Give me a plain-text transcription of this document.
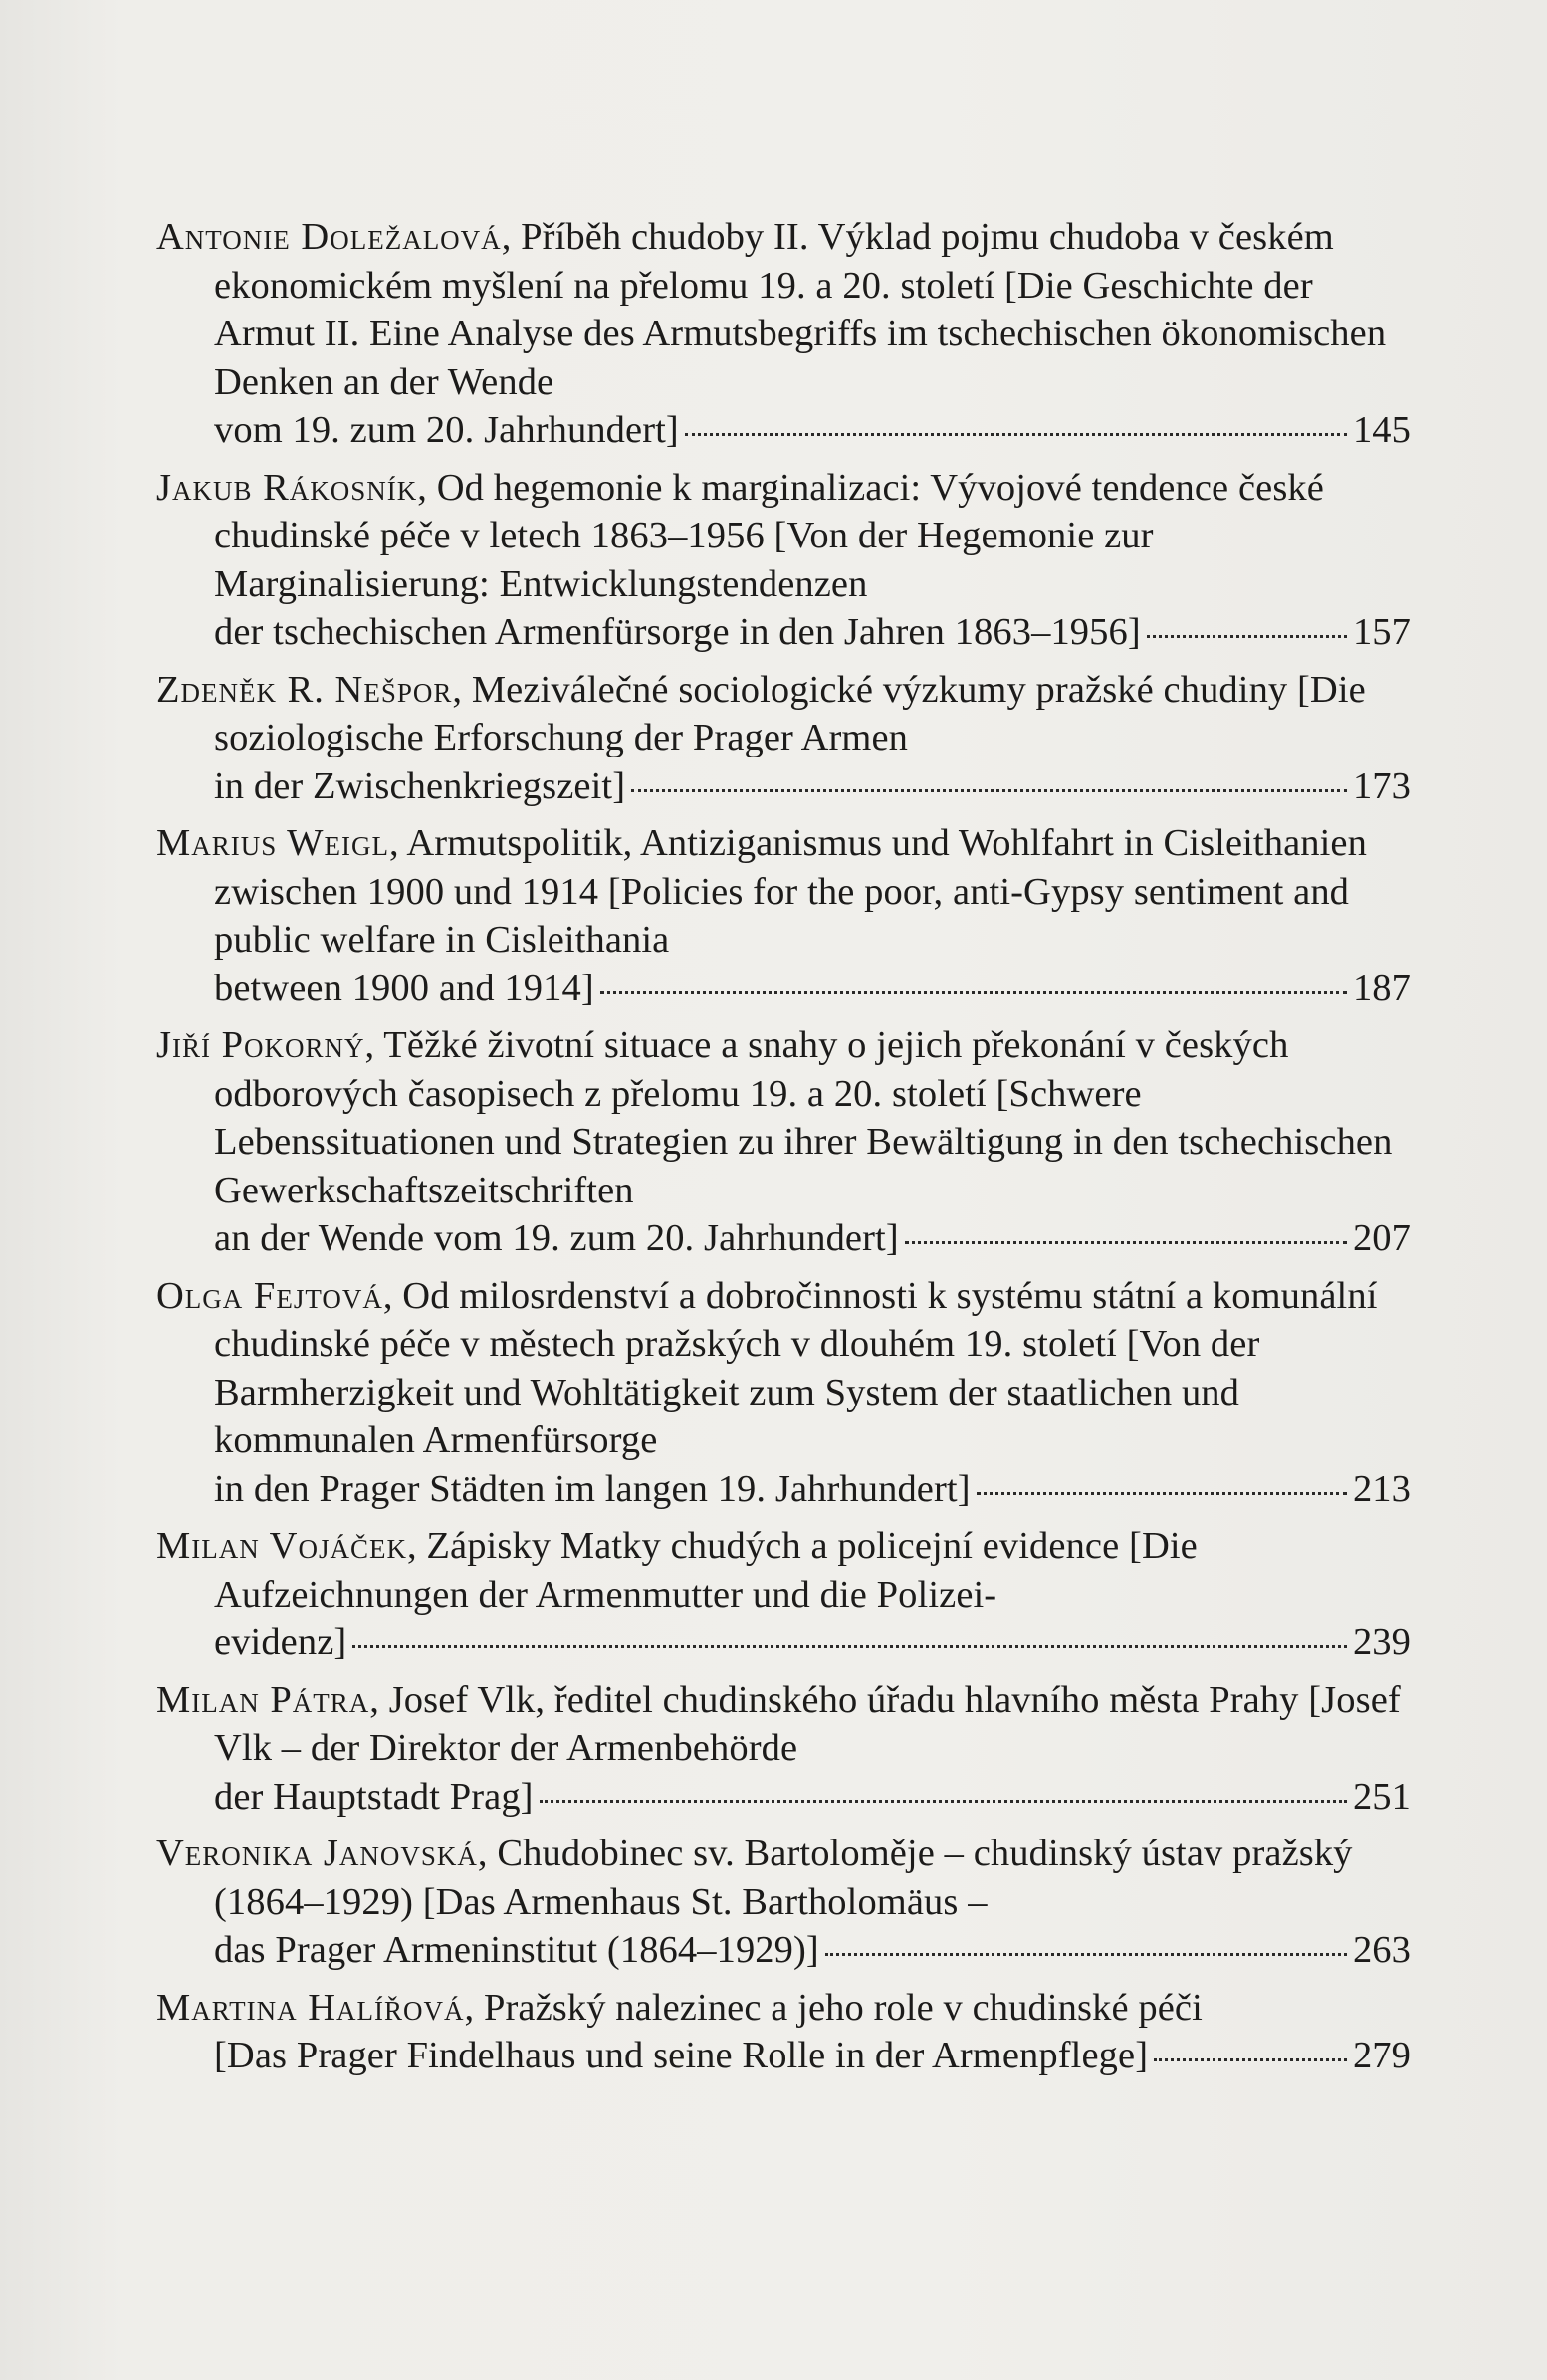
Antonie Doležalová, Příběh chudoby II. Výklad pojmu chudoba v českém ekonomickém myšlení na přelomu 19. a 20. století [Die Geschichte der Armut II. Eine Analyse des Armutsbegriffs im tschechischen ökonomischen Denken an der Wende
vom 19. zum 20. Jahrhundert]	145
Jakub Rákosník, Od hegemonie k marginalizaci: Vývojové tendence české chudinské péče v letech 1863–1956 [Von der Hegemonie zur Marginalisierung: Entwicklungstendenzen
der tschechischen Armenfürsorge in den Jahren 1863–1956]	157
Zdeněk R. Nešpor, Meziválečné sociologické výzkumy pražské chudiny [Die soziologische Erforschung der Prager Armen
in der Zwischenkriegszeit]	173
Marius Weigl, Armutspolitik, Antiziganismus und Wohlfahrt in Cisleithanien zwischen 1900 und 1914 [Policies for the poor, anti-Gypsy sentiment and public welfare in Cisleithania
between 1900 and 1914]	187
Jiří Pokorný, Těžké životní situace a snahy o jejich překonání v českých odborových časopisech z přelomu 19. a 20. století [Schwere Lebenssituationen und Strategien zu ihrer Bewältigung in den tschechischen Gewerkschaftszeitschriften
an der Wende vom 19. zum 20. Jahrhundert]	207
Olga Fejtová, Od milosrdenství a dobročinnosti k systému státní a komunální chudinské péče v městech pražských v dlouhém 19. století [Von der Barmherzigkeit und Wohltätigkeit zum System der staatlichen und kommunalen Armenfürsorge
in den Prager Städten im langen 19. Jahrhundert]	213
Milan Vojáček, Zápisky Matky chudých a policejní evidence [Die Aufzeichnungen der Armenmutter und die Polizei-
evidenz]	239
Milan Pátra, Josef Vlk, ředitel chudinského úřadu hlavního města Prahy [Josef Vlk – der Direktor der Armenbehörde
der Hauptstadt Prag]	251
Veronika Janovská, Chudobinec sv. Bartoloměje – chudinský ústav pražský (1864–1929) [Das Armenhaus St. Bartholomäus –
das Prager Armeninstitut (1864–1929)]	263
Martina Halířová, Pražský nalezinec a jeho role v chudinské péči
[Das Prager Findelhaus und seine Rolle in der Armenpflege]	279
